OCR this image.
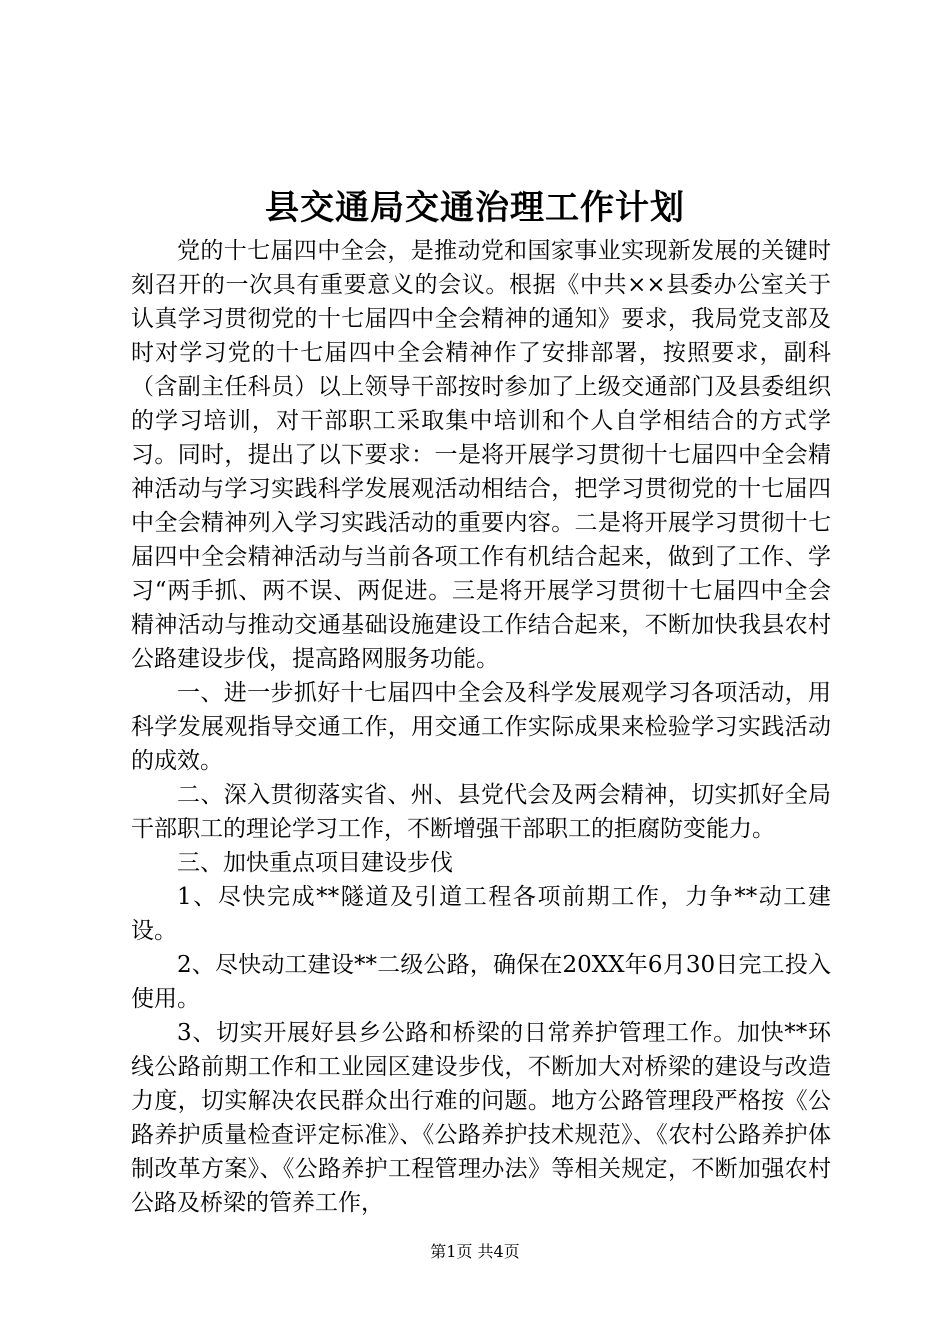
县交通局交通治理工作计划

党的十七届四中全会，是推动党和国家事业实现新发展的关键时刻召开的一次具有重要意义的会议。根据《中共××县委办公室关于认真学习贯彻党的十七届四中全会精神的通知》要求，我局党支部及时对学习党的十七届四中全会精神作了安排部署，按照要求，副科（含副主任科员）以上领导干部按时参加了上级交通部门及县委组织的学习培训，对干部职工采取集中培训和个人自学相结合的方式学习。同时，提出了以下要求：一是将开展学习贯彻十七届四中全会精神活动与学习实践科学发展观活动相结合，把学习贯彻党的十七届四中全会精神列入学习实践活动的重要内容。二是将开展学习贯彻十七届四中全会精神活动与当前各项工作有机结合起来，做到了工作、学习“两手抓、两不误、两促进。三是将开展学习贯彻十七届四中全会精神活动与推动交通基础设施建设工作结合起来，不断加快我县农村公路建设步伐，提高路网服务功能。

一、进一步抓好十七届四中全会及科学发展观学习各项活动，用科学发展观指导交通工作，用交通工作实际成果来检验学习实践活动的成效。

二、深入贯彻落实省、州、县党代会及两会精神，切实抓好全局干部职工的理论学习工作，不断增强干部职工的拒腐防变能力。

三、加快重点项目建设步伐

1、尽快完成**隧道及引道工程各项前期工作，力争**动工建设。

2、尽快动工建设**二级公路，确保在20XX年6月30日完工投入使用。

3、切实开展好县乡公路和桥梁的日常养护管理工作。加快**环线公路前期工作和工业园区建设步伐，不断加大对桥梁的建设与改造力度，切实解决农民群众出行难的问题。地方公路管理段严格按《公路养护质量检查评定标准》、《公路养护技术规范》、《农村公路养护体制改革方案》、《公路养护工程管理办法》等相关规定，不断加强农村公路及桥梁的管养工作，

第1页 共4页
